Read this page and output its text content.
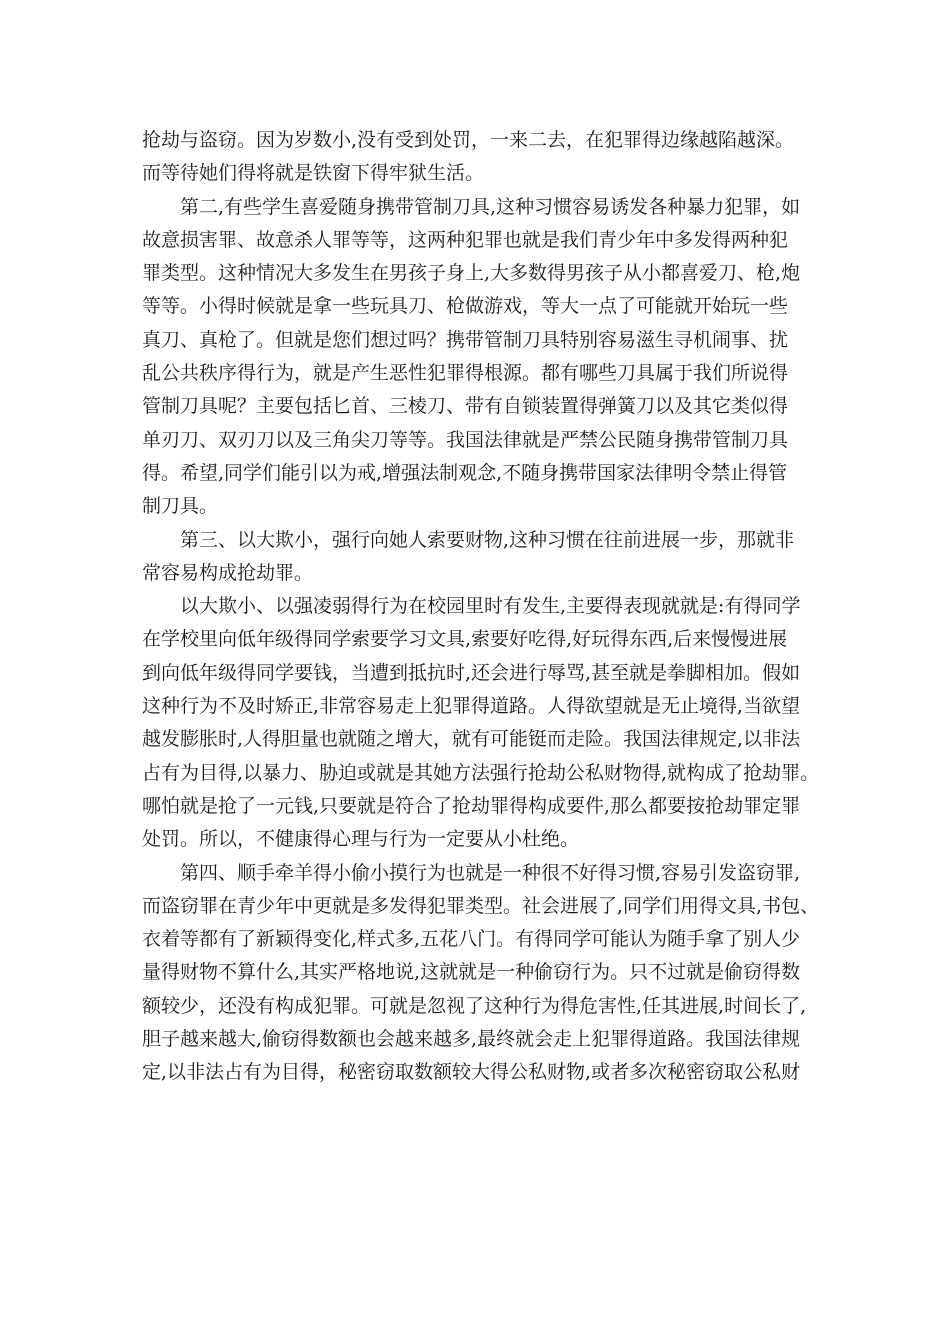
抢劫与盗窃。因为岁数小,没有受到处罚，一来二去，在犯罪得边缘越陷越深。
而等待她们得将就是铁窗下得牢狱生活。
第二,有些学生喜爱随身携带管制刀具,这种习惯容易诱发各种暴力犯罪，如
故意损害罪、故意杀人罪等等，这两种犯罪也就是我们青少年中多发得两种犯
罪类型。这种情况大多发生在男孩子身上,大多数得男孩子从小都喜爱刀、枪,炮
等等。小得时候就是拿一些玩具刀、枪做游戏，等大一点了可能就开始玩一些
真刀、真枪了。但就是您们想过吗？携带管制刀具特别容易滋生寻机闹事、扰
乱公共秩序得行为，就是产生恶性犯罪得根源。都有哪些刀具属于我们所说得
管制刀具呢？主要包括匕首、三棱刀、带有自锁装置得弹簧刀以及其它类似得
单刃刀、双刃刀以及三角尖刀等等。我国法律就是严禁公民随身携带管制刀具
得。希望,同学们能引以为戒,增强法制观念,不随身携带国家法律明令禁止得管
制刀具。
第三、以大欺小，强行向她人索要财物,这种习惯在往前进展一步，那就非
常容易构成抢劫罪。
以大欺小、以强凌弱得行为在校园里时有发生,主要得表现就就是:有得同学
在学校里向低年级得同学索要学习文具,索要好吃得,好玩得东西,后来慢慢进展
到向低年级得同学要钱，当遭到抵抗时,还会进行辱骂,甚至就是拳脚相加。假如
这种行为不及时矫正,非常容易走上犯罪得道路。人得欲望就是无止境得,当欲望
越发膨胀时,人得胆量也就随之增大，就有可能铤而走险。我国法律规定,以非法
占有为目得,以暴力、胁迫或就是其她方法强行抢劫公私财物得,就构成了抢劫罪。
哪怕就是抢了一元钱,只要就是符合了抢劫罪得构成要件,那么都要按抢劫罪定罪
处罚。所以，不健康得心理与行为一定要从小杜绝。
第四、顺手牵羊得小偷小摸行为也就是一种很不好得习惯,容易引发盗窃罪,
而盗窃罪在青少年中更就是多发得犯罪类型。社会进展了,同学们用得文具,书包、
衣着等都有了新颖得变化,样式多,五花八门。有得同学可能认为随手拿了别人少
量得财物不算什么,其实严格地说,这就就是一种偷窃行为。只不过就是偷窃得数
额较少，还没有构成犯罪。可就是忽视了这种行为得危害性,任其进展,时间长了,
胆子越来越大,偷窃得数额也会越来越多,最终就会走上犯罪得道路。我国法律规
定,以非法占有为目得，秘密窃取数额较大得公私财物,或者多次秘密窃取公私财
